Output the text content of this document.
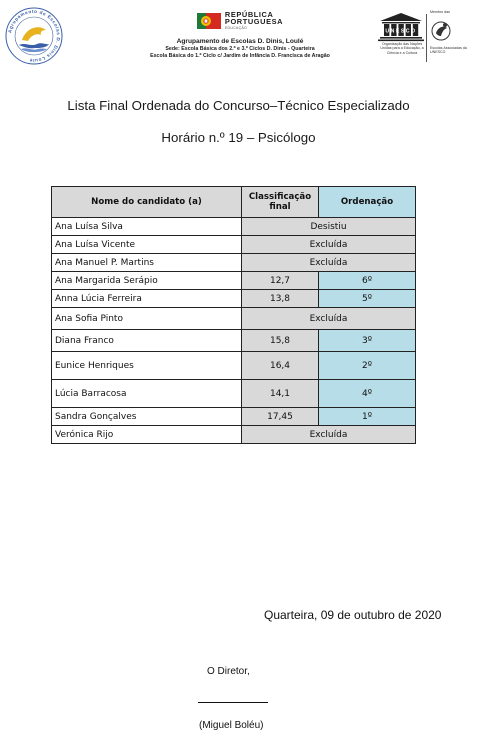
Agrupamento de Escolas D. Dinis Loulé
REPÚBLICA
PORTUGUESA
EDUCAÇÃO
Agrupamento de Escolas D. Dinis, Loulé
Sede: Escola Básica dos 2.º e 3.º Ciclos D. Dinis - Quarteira
Escola Básica do 1.º Ciclo c/ Jardim de Infância D. Francisca de Aragão
UNESCO
Organização das Nações Unidas para a Educação, a Ciência e a Cultura
Membro das
Escolas Associadas da UNESCO
Lista Final Ordenada do Concurso–Técnico Especializado
Horário n.º 19 – Psicólogo
Nome do candidato (a)	Classificação final	Ordenação
Ana Luísa Silva	Desistiu	
Ana Luísa Vicente	Excluída	
Ana Manuel P. Martins	Excluída	
Ana Margarida Serápio	12,7	6º
Anna Lúcia Ferreira	13,8	5º
Ana Sofia Pinto	Excluída	
Diana Franco	15,8	3º
Eunice Henriques	16,4	2º
Lúcia Barracosa	14,1	4º
Sandra Gonçalves	17,45	1º
Verónica Rijo	Excluída	
Quarteira, 09 de outubro de 2020
O Diretor,
(Miguel Boléu)
